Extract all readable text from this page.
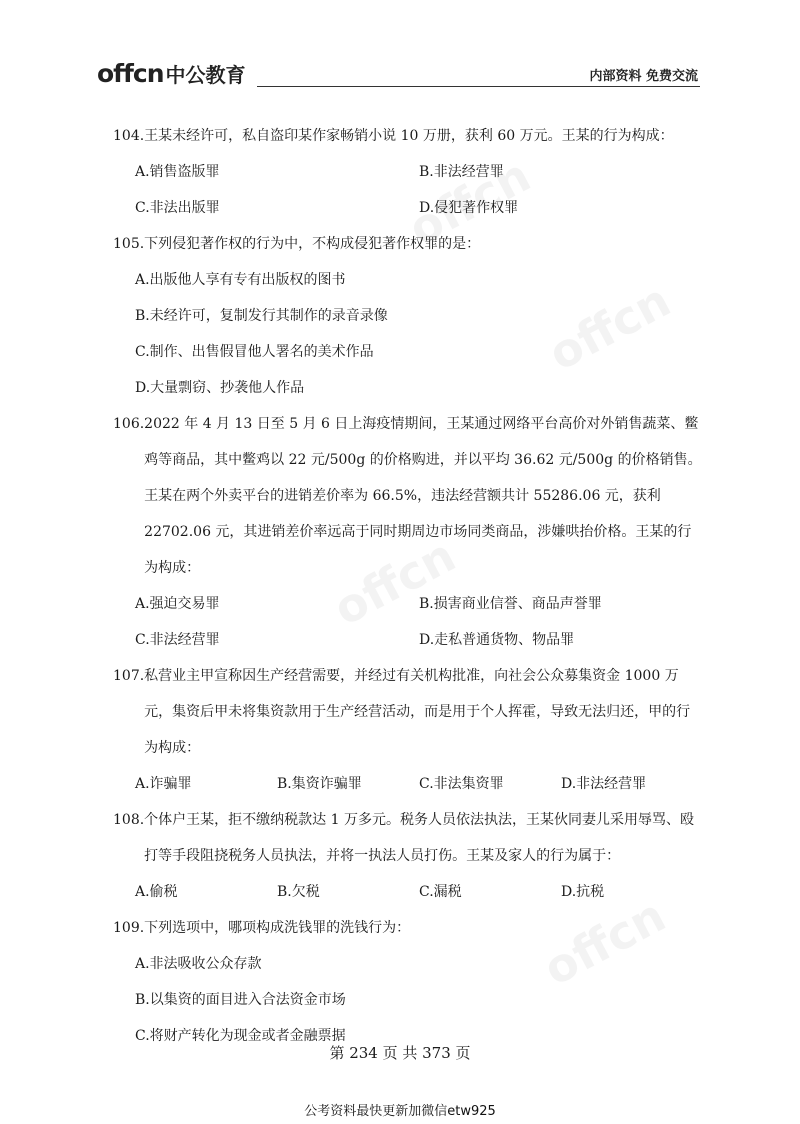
offcn 中公教育	内部资料 免费交流
104. 王某未经许可，私自盗印某作家畅销小说 10 万册，获利 60 万元。王某的行为构成：
A.销售盗版罪	B.非法经营罪
C.非法出版罪	D.侵犯著作权罪
105. 下列侵犯著作权的行为中，不构成侵犯著作权罪的是：
A.出版他人享有专有出版权的图书
B.未经许可，复制发行其制作的录音录像
C.制作、出售假冒他人署名的美术作品
D.大量剽窃、抄袭他人作品
106. 2022 年 4 月 13 日至 5 月 6 日上海疫情期间，王某通过网络平台高价对外销售蔬菜、鳖鸡等商品，其中鳖鸡以 22 元/500g 的价格购进，并以平均 36.62 元/500g 的价格销售。王某在两个外卖平台的进销差价率为 66.5%，违法经营额共计 55286.06 元，获利 22702.06 元，其进销差价率远高于同时期周边市场同类商品，涉嫌哄抬价格。王某的行为构成：
A.强迫交易罪	B.损害商业信誉、商品声誉罪
C.非法经营罪	D.走私普通货物、物品罪
107. 私营业主甲宣称因生产经营需要，并经过有关机构批准，向社会公众募集资金 1000 万元，集资后甲未将集资款用于生产经营活动，而是用于个人挥霍，导致无法归还，甲的行为构成：
A.诈骗罪	B.集资诈骗罪	C.非法集资罪	D.非法经营罪
108. 个体户王某，拒不缴纳税款达 1 万多元。税务人员依法执法，王某伙同妻儿采用辱骂、殴打等手段阻挠税务人员执法，并将一执法人员打伤。王某及家人的行为属于：
A.偷税	B.欠税	C.漏税	D.抗税
109. 下列选项中，哪项构成洗钱罪的洗钱行为：
A.非法吸收公众存款
B.以集资的面目进入合法资金市场
C.将财产转化为现金或者金融票据
第 234 页 共 373 页
公考资料最快更新加微信etw925
